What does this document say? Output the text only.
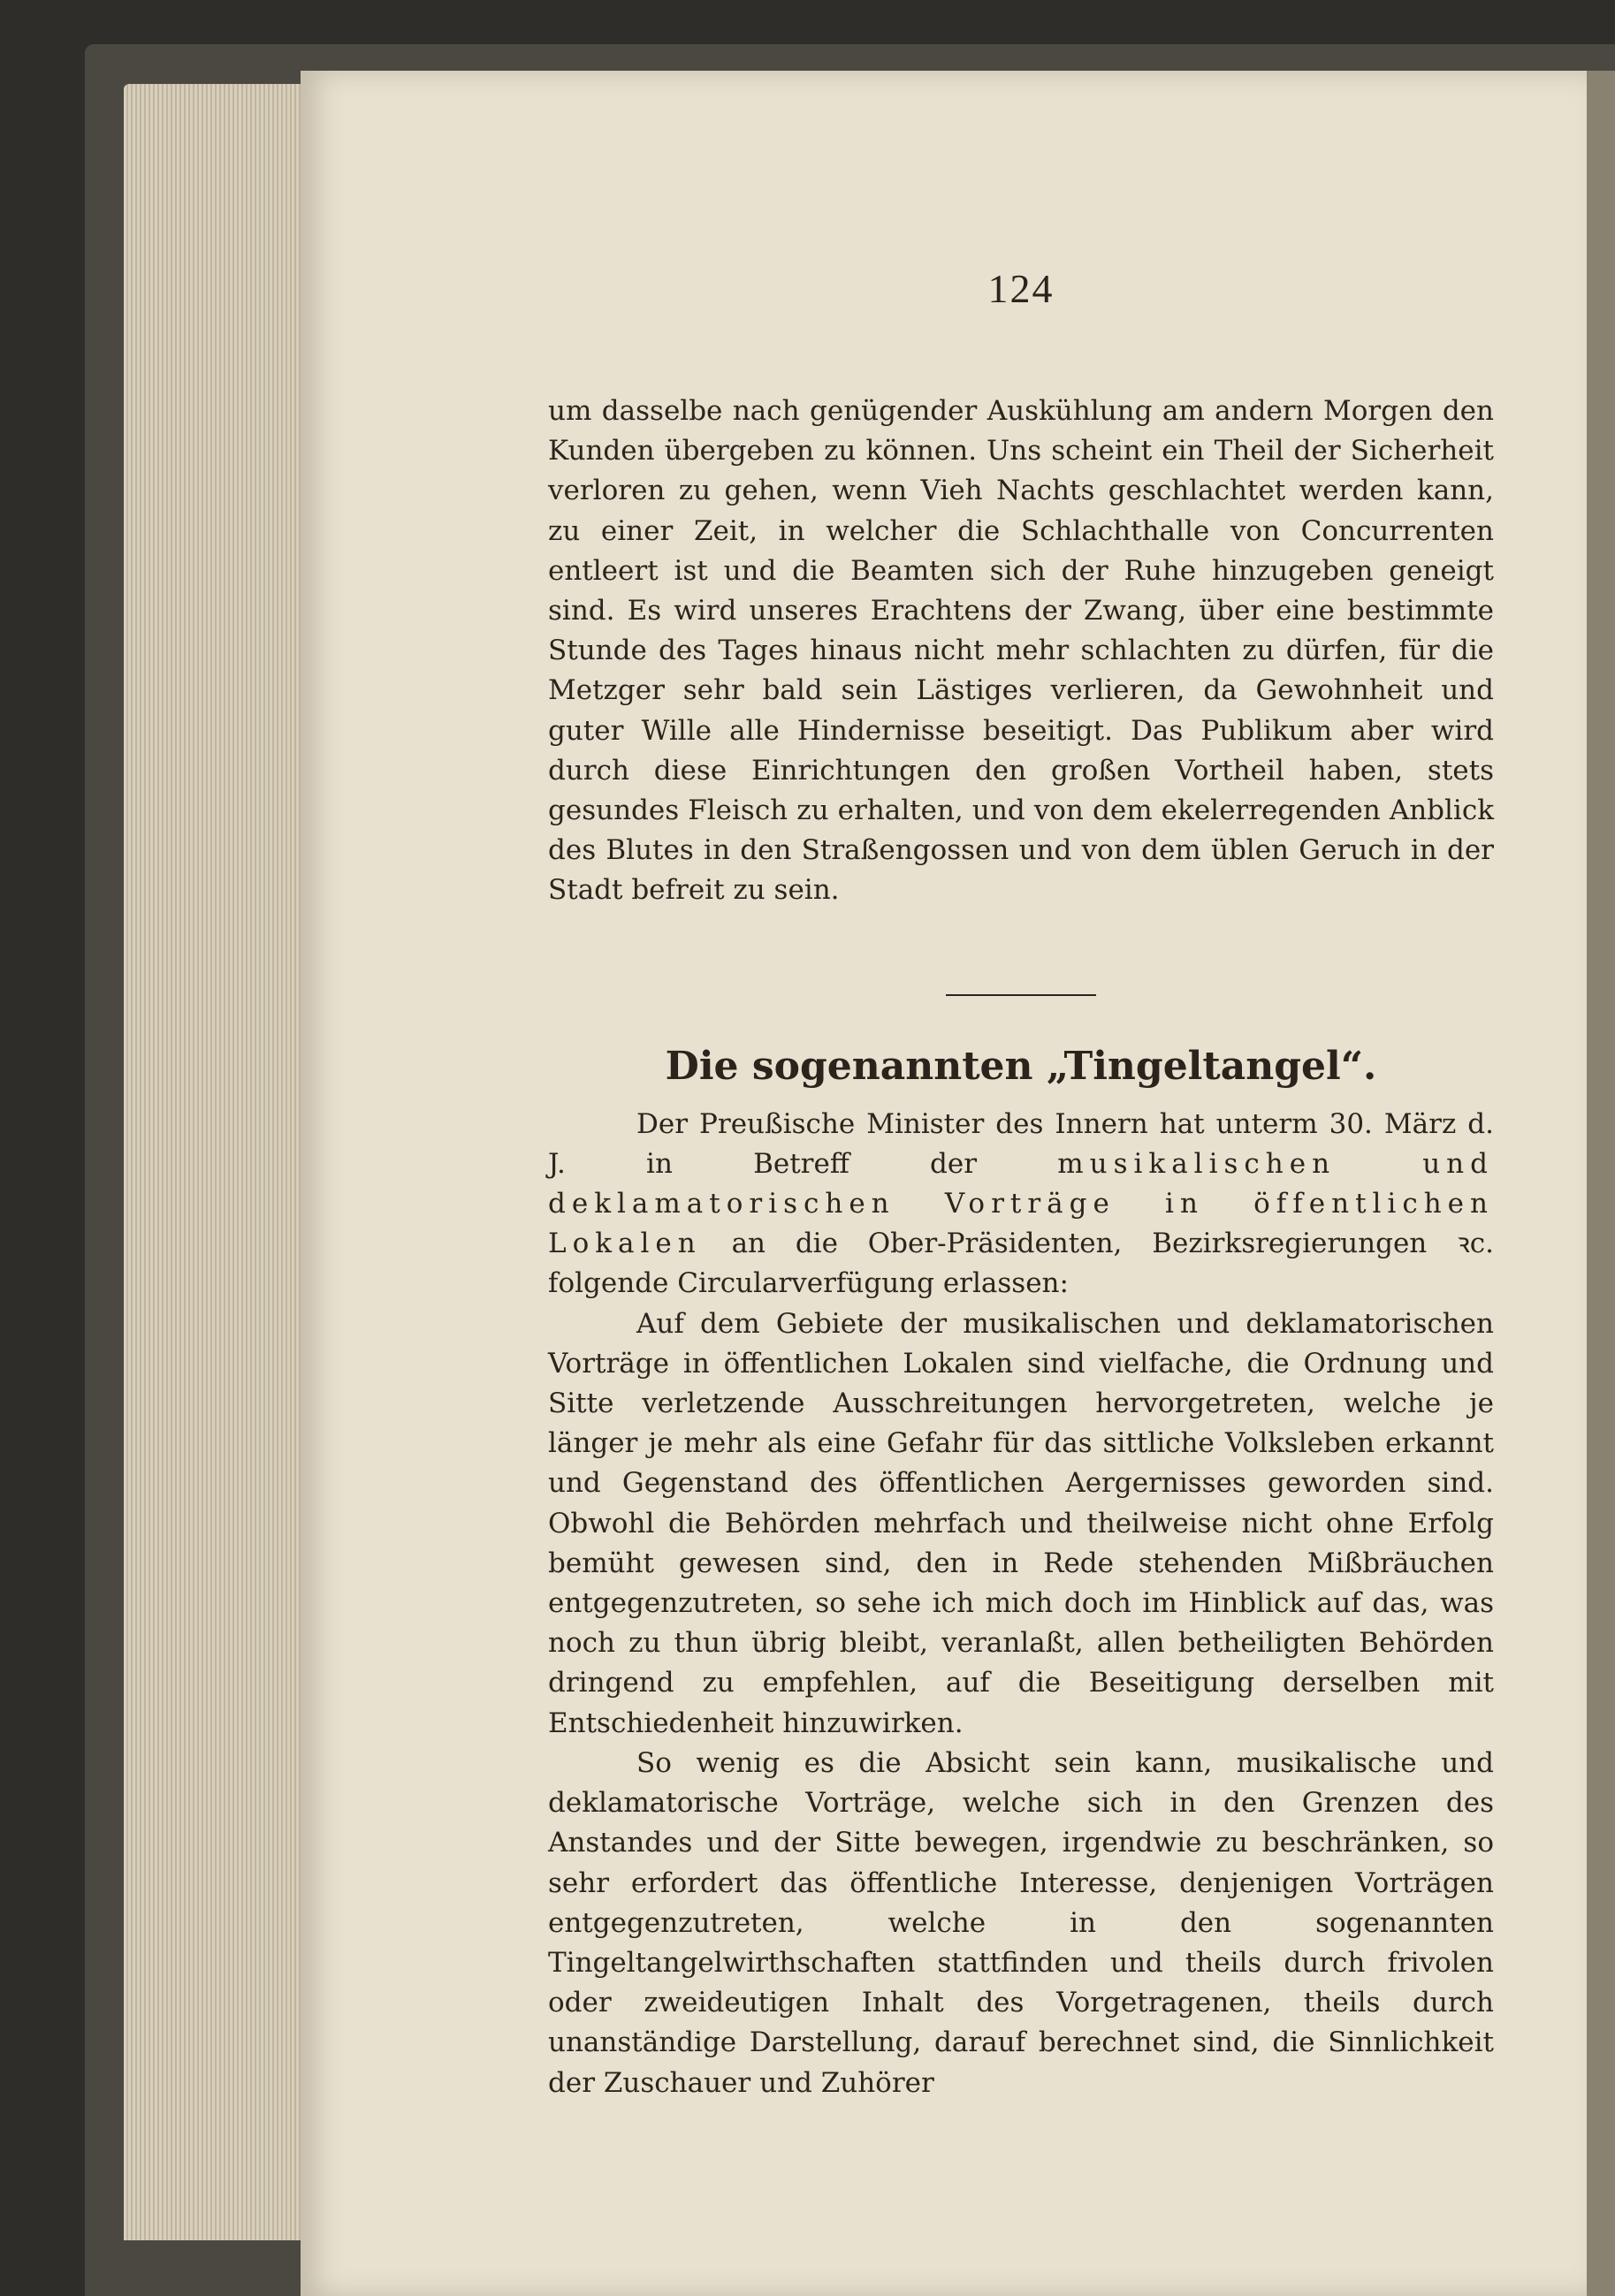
124

um dasselbe nach genügender Auskühlung am andern Morgen den Kunden übergeben zu können. Uns scheint ein Theil der Sicherheit verloren zu gehen, wenn Vieh Nachts geschlachtet werden kann, zu einer Zeit, in welcher die Schlachthalle von Concurrenten entleert ist und die Beamten sich der Ruhe hinzugeben geneigt sind. Es wird unseres Erachtens der Zwang, über eine bestimmte Stunde des Tages hinaus nicht mehr schlachten zu dürfen, für die Metzger sehr bald sein Lästiges verlieren, da Gewohnheit und guter Wille alle Hindernisse beseitigt. Das Publikum aber wird durch diese Einrichtungen den großen Vortheil haben, stets gesundes Fleisch zu erhalten, und von dem ekelerregenden Anblick des Blutes in den Straßengossen und von dem üblen Geruch in der Stadt befreit zu sein.

Die sogenannten „Tingeltangel“.

Der Preußische Minister des Innern hat unterm 30. März d. J. in Betreff der musikalischen und deklamatorischen Vorträge in öffentlichen Lokalen an die Ober-Präsidenten, Bezirksregierungen ꝛc. folgende Circularverfügung erlassen:

Auf dem Gebiete der musikalischen und deklamatorischen Vorträge in öffentlichen Lokalen sind vielfache, die Ordnung und Sitte verletzende Ausschreitungen hervorgetreten, welche je länger je mehr als eine Gefahr für das sittliche Volksleben erkannt und Gegenstand des öffentlichen Aergernisses geworden sind. Obwohl die Behörden mehrfach und theilweise nicht ohne Erfolg bemüht gewesen sind, den in Rede stehenden Mißbräuchen entgegenzutreten, so sehe ich mich doch im Hinblick auf das, was noch zu thun übrig bleibt, veranlaßt, allen betheiligten Behörden dringend zu empfehlen, auf die Beseitigung derselben mit Entschiedenheit hinzuwirken.

So wenig es die Absicht sein kann, musikalische und deklamatorische Vorträge, welche sich in den Grenzen des Anstandes und der Sitte bewegen, irgendwie zu beschränken, so sehr erfordert das öffentliche Interesse, denjenigen Vorträgen entgegenzutreten, welche in den sogenannten Tingeltangelwirthschaften stattfinden und theils durch frivolen oder zweideutigen Inhalt des Vorgetragenen, theils durch unanständige Darstellung, darauf berechnet sind, die Sinnlichkeit der Zuschauer und Zuhörer
